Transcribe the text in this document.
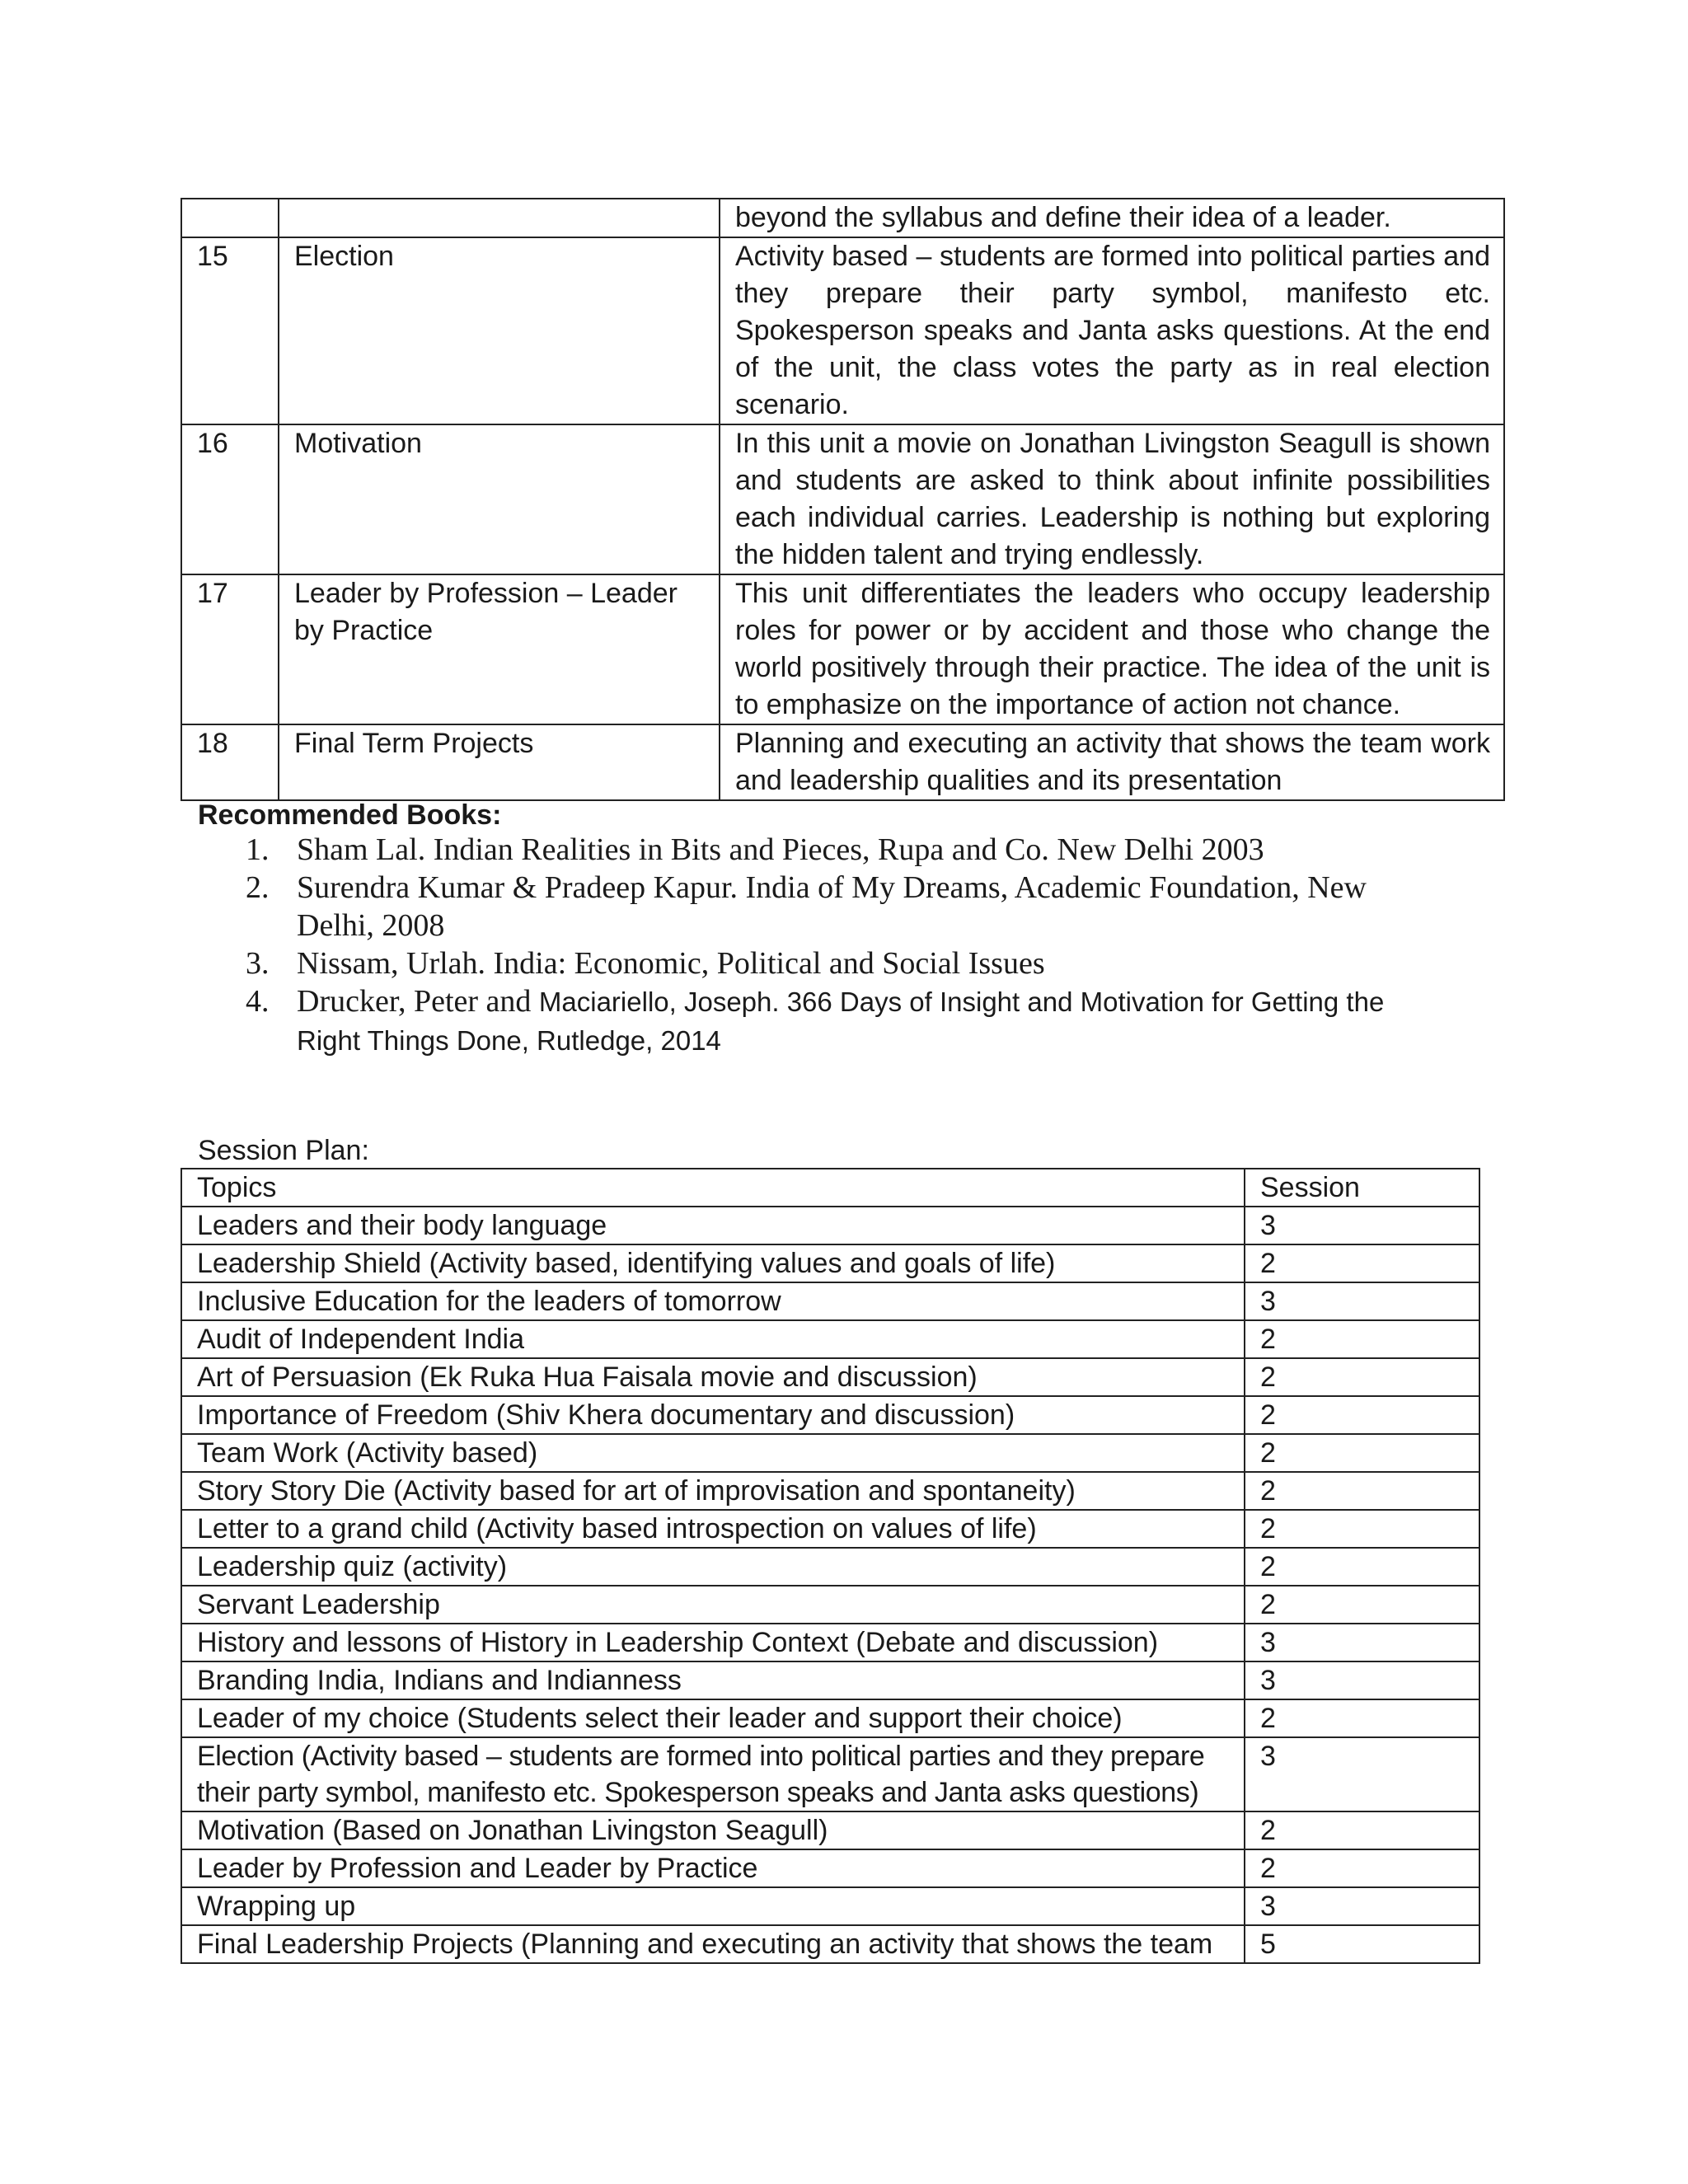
		beyond the syllabus and define their idea of a leader.
15	Election	Activity based – students are formed into political parties and they prepare their party symbol, manifesto etc. Spokesperson speaks and Janta asks questions. At the end of the unit, the class votes the party as in real election scenario.
16	Motivation	In this unit a movie on Jonathan Livingston Seagull is shown and students are asked to think about infinite possibilities each individual carries. Leadership is nothing but exploring the hidden talent and trying endlessly.
17	Leader by Profession – Leader by Practice	This unit differentiates the leaders who occupy leadership roles for power or by accident and those who change the world positively through their practice. The idea of the unit is to emphasize on the importance of action not chance.
18	Final Term Projects	Planning and executing an activity that shows the team work and leadership qualities and its presentation
Recommended Books:
1. Sham Lal. Indian Realities in Bits and Pieces, Rupa and Co. New Delhi 2003
2. Surendra Kumar & Pradeep Kapur. India of My Dreams, Academic Foundation, New Delhi, 2008
3. Nissam, Urlah. India: Economic, Political and Social Issues
4. Drucker, Peter and Maciariello, Joseph. 366 Days of Insight and Motivation for Getting the Right Things Done, Rutledge, 2014
Session Plan:
Topics	Session
Leaders and their body language	3
Leadership Shield (Activity based, identifying values and goals of life)	2
Inclusive Education for the leaders of tomorrow	3
Audit of Independent India	2
Art of Persuasion (Ek Ruka Hua Faisala movie and discussion)	2
Importance of Freedom (Shiv Khera documentary and discussion)	2
Team Work (Activity based)	2
Story Story Die (Activity based for art of improvisation and spontaneity)	2
Letter to a grand child (Activity based introspection on values of life)	2
Leadership quiz (activity)	2
Servant Leadership	2
History and lessons of History in Leadership Context (Debate and discussion)	3
Branding India, Indians and Indianness	3
Leader of my choice (Students select their leader and support their choice)	2
Election (Activity based – students are formed into political parties and they prepare their party symbol, manifesto etc. Spokesperson speaks and Janta asks questions)	3
Motivation (Based on Jonathan Livingston Seagull)	2
Leader by Profession and Leader by Practice	2
Wrapping up	3
Final Leadership Projects (Planning and executing an activity that shows the team	5
